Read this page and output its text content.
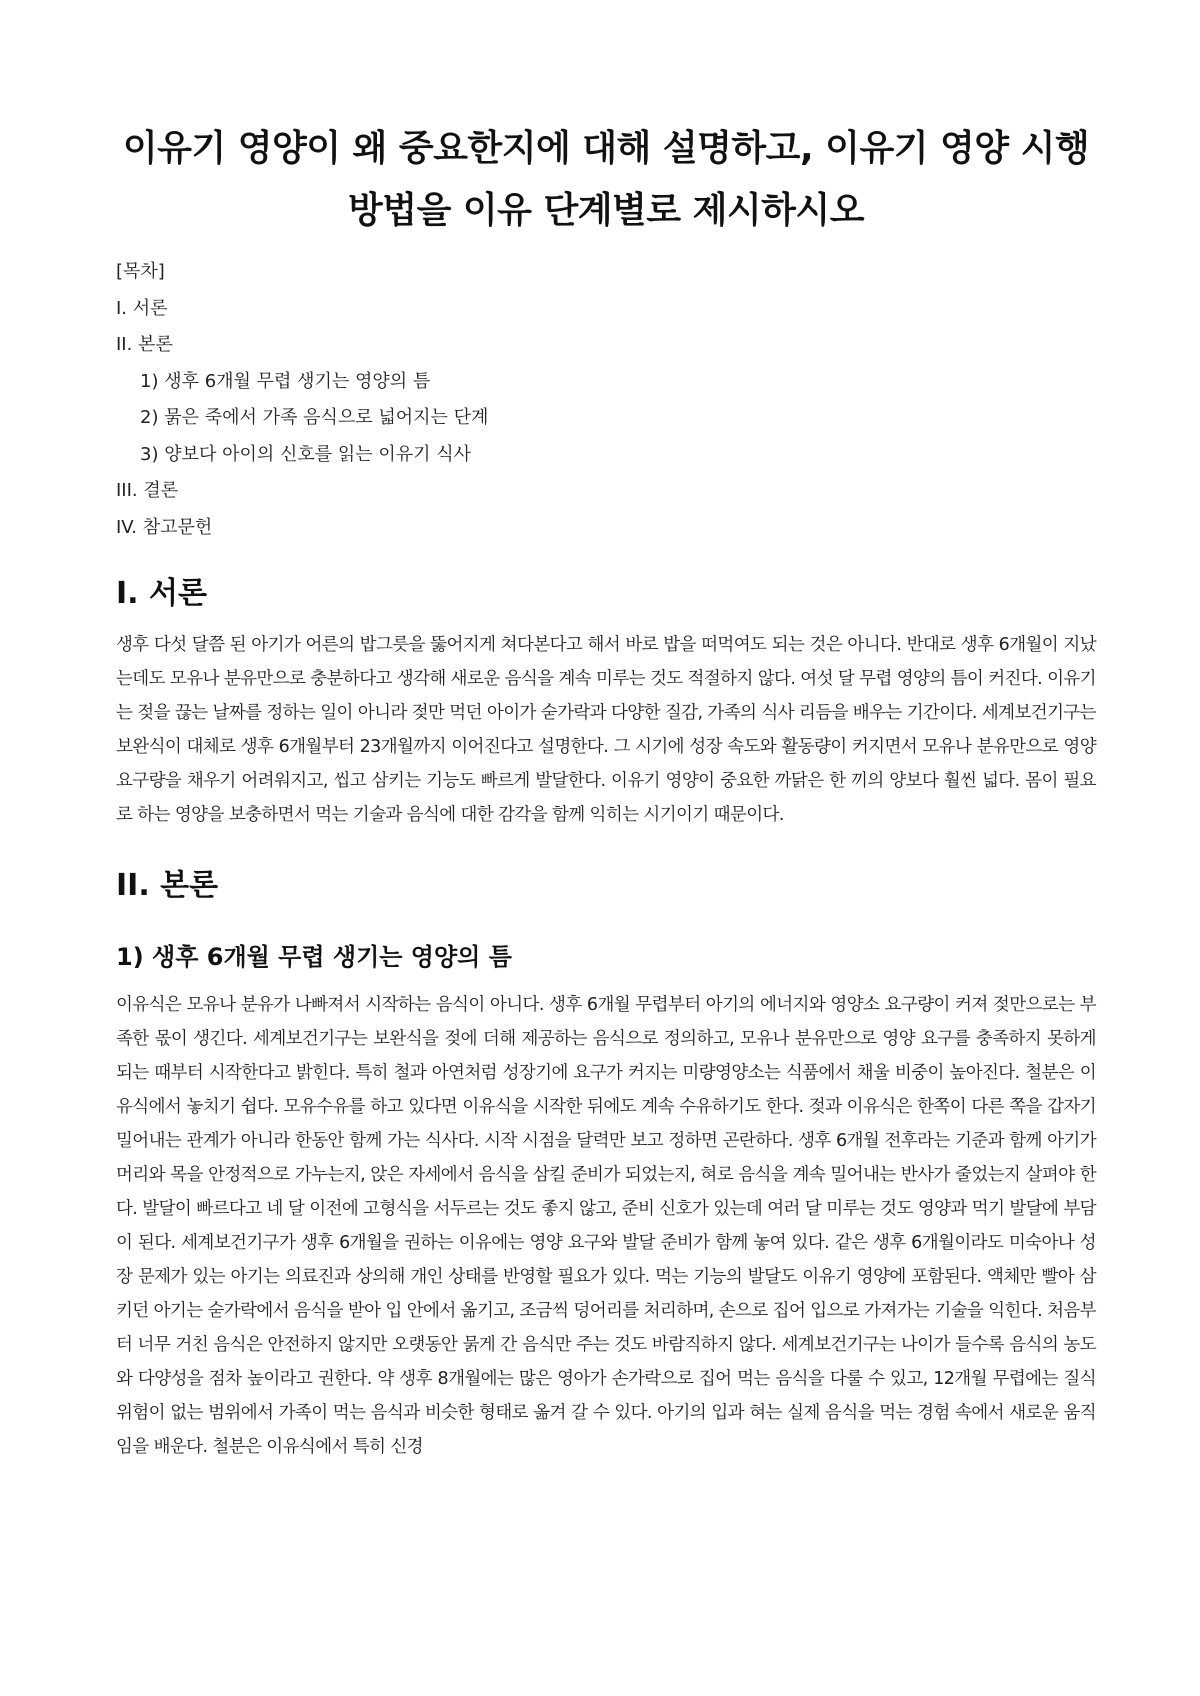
이유기 영양이 왜 중요한지에 대해 설명하고, 이유기 영양 시행
방법을 이유 단계별로 제시하시오
[목차]
I. 서론
II. 본론
1) 생후 6개월 무렵 생기는 영양의 틈
2) 묽은 죽에서 가족 음식으로 넓어지는 단계
3) 양보다 아이의 신호를 읽는 이유기 식사
III. 결론
IV. 참고문헌
I. 서론

생후 다섯 달쯤 된 아기가 어른의 밥그릇을 뚫어지게 쳐다본다고 해서 바로 밥을 떠먹여도 되는 것은 아니다. 반대로 생후 6개월이 지났는데도 모유나 분유만으로 충분하다고 생각해 새로운 음식을 계속 미루는 것도 적절하지 않다. 여섯 달 무렵 영양의 틈이 커진다. 이유기는 젖을 끊는 날짜를 정하는 일이 아니라 젖만 먹던 아이가 숟가락과 다양한 질감, 가족의 식사 리듬을 배우는 기간이다. 세계보건기구는 보완식이 대체로 생후 6개월부터 23개월까지 이어진다고 설명한다. 그 시기에 성장 속도와 활동량이 커지면서 모유나 분유만으로 영양 요구량을 채우기 어려워지고, 씹고 삼키는 기능도 빠르게 발달한다. 이유기 영양이 중요한 까닭은 한 끼의 양보다 훨씬 넓다. 몸이 필요로 하는 영양을 보충하면서 먹는 기술과 음식에 대한 감각을 함께 익히는 시기이기 때문이다.

II. 본론
1) 생후 6개월 무렵 생기는 영양의 틈

이유식은 모유나 분유가 나빠져서 시작하는 음식이 아니다. 생후 6개월 무렵부터 아기의 에너지와 영양소 요구량이 커져 젖만으로는 부족한 몫이 생긴다. 세계보건기구는 보완식을 젖에 더해 제공하는 음식으로 정의하고, 모유나 분유만으로 영양 요구를 충족하지 못하게 되는 때부터 시작한다고 밝힌다. 특히 철과 아연처럼 성장기에 요구가 커지는 미량영양소는 식품에서 채울 비중이 높아진다. 철분은 이유식에서 놓치기 쉽다. 모유수유를 하고 있다면 이유식을 시작한 뒤에도 계속 수유하기도 한다. 젖과 이유식은 한쪽이 다른 쪽을 갑자기 밀어내는 관계가 아니라 한동안 함께 가는 식사다. 시작 시점을 달력만 보고 정하면 곤란하다. 생후 6개월 전후라는 기준과 함께 아기가 머리와 목을 안정적으로 가누는지, 앉은 자세에서 음식을 삼킬 준비가 되었는지, 혀로 음식을 계속 밀어내는 반사가 줄었는지 살펴야 한다. 발달이 빠르다고 네 달 이전에 고형식을 서두르는 것도 좋지 않고, 준비 신호가 있는데 여러 달 미루는 것도 영양과 먹기 발달에 부담이 된다. 세계보건기구가 생후 6개월을 권하는 이유에는 영양 요구와 발달 준비가 함께 놓여 있다. 같은 생후 6개월이라도 미숙아나 성장 문제가 있는 아기는 의료진과 상의해 개인 상태를 반영할 필요가 있다. 먹는 기능의 발달도 이유기 영양에 포함된다. 액체만 빨아 삼키던 아기는 숟가락에서 음식을 받아 입 안에서 옮기고, 조금씩 덩어리를 처리하며, 손으로 집어 입으로 가져가는 기술을 익힌다. 처음부터 너무 거친 음식은 안전하지 않지만 오랫동안 묽게 간 음식만 주는 것도 바람직하지 않다. 세계보건기구는 나이가 들수록 음식의 농도와 다양성을 점차 높이라고 권한다. 약 생후 8개월에는 많은 영아가 손가락으로 집어 먹는 음식을 다룰 수 있고, 12개월 무렵에는 질식 위험이 없는 범위에서 가족이 먹는 음식과 비슷한 형태로 옮겨 갈 수 있다. 아기의 입과 혀는 실제 음식을 먹는 경험 속에서 새로운 움직임을 배운다. 철분은 이유식에서 특히 신경
